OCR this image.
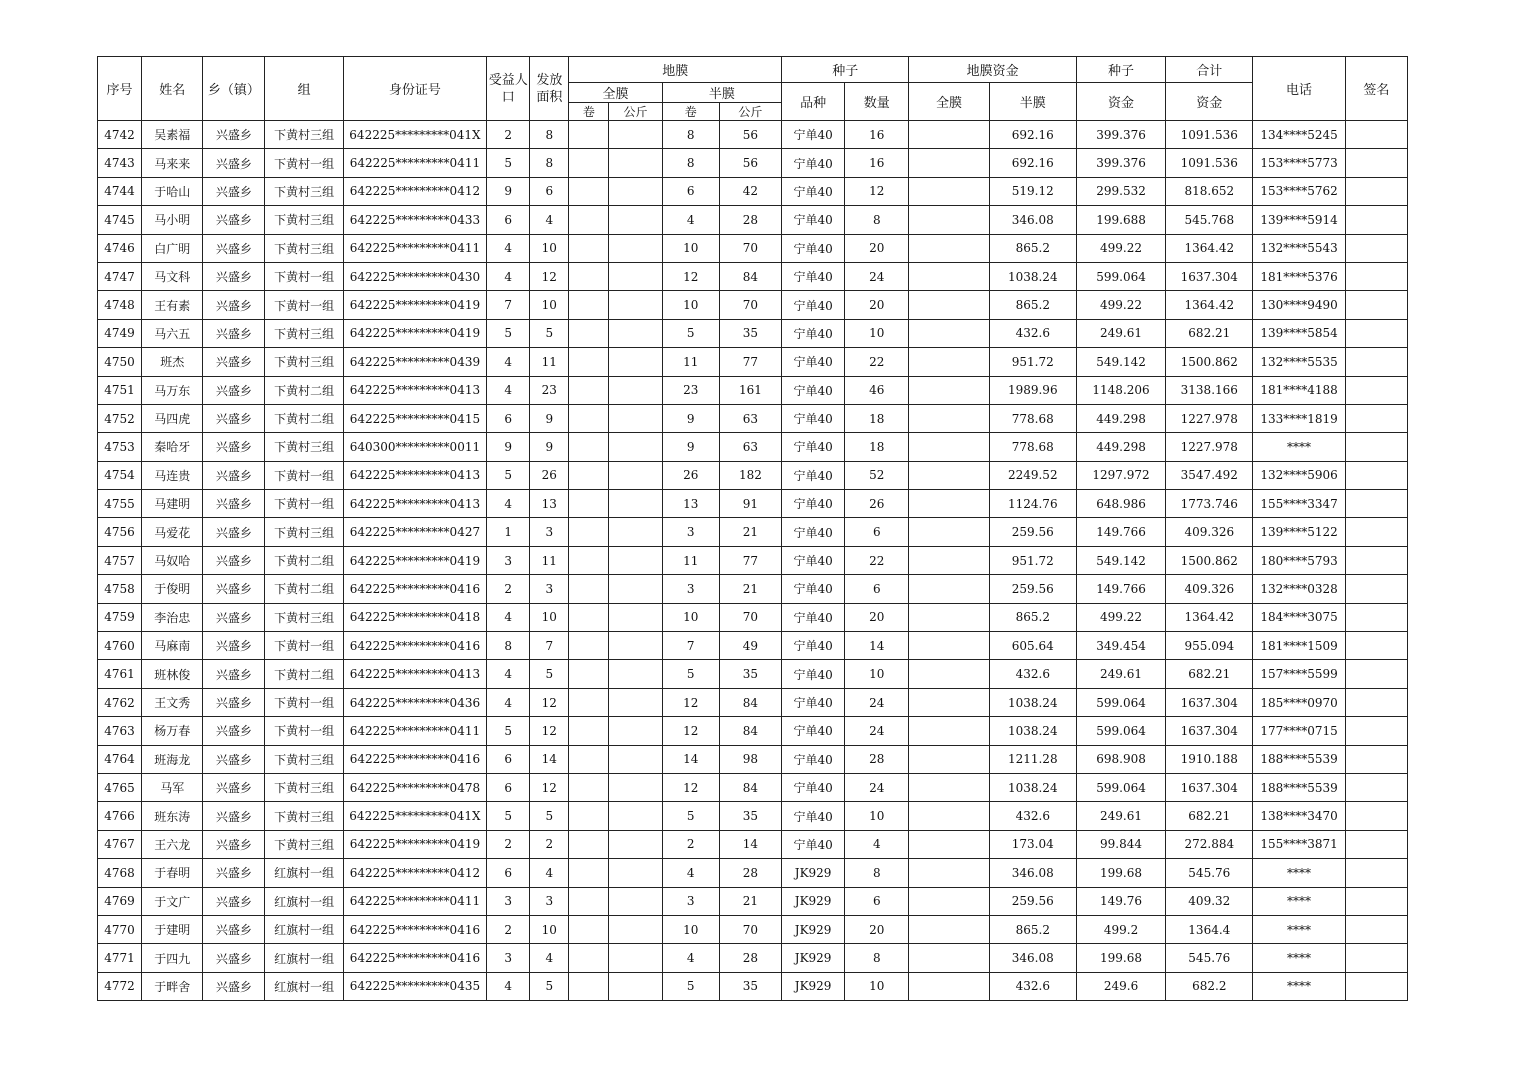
序号	姓名	乡（镇）	组	身份证号	受益人口	发放面积	地膜				种子		地膜资金		种子	合计	电话	签名
							全膜		半膜		品种	数量	全膜	半膜	资金	资金		
							卷	公斤	卷	公斤								
4742	吴素福	兴盛乡	下黄村三组	642225*********041X	2	8			8	56	宁单40	16		692.16	399.376	1091.536	134****5245	
4743	马来来	兴盛乡	下黄村一组	642225*********0411	5	8			8	56	宁单40	16		692.16	399.376	1091.536	153****5773	
4744	于哈山	兴盛乡	下黄村三组	642225*********0412	9	6			6	42	宁单40	12		519.12	299.532	818.652	153****5762	
4745	马小明	兴盛乡	下黄村三组	642225*********0433	6	4			4	28	宁单40	8		346.08	199.688	545.768	139****5914	
4746	白广明	兴盛乡	下黄村三组	642225*********0411	4	10			10	70	宁单40	20		865.2	499.22	1364.42	132****5543	
4747	马文科	兴盛乡	下黄村一组	642225*********0430	4	12			12	84	宁单40	24		1038.24	599.064	1637.304	181****5376	
4748	王有素	兴盛乡	下黄村一组	642225*********0419	7	10			10	70	宁单40	20		865.2	499.22	1364.42	130****9490	
4749	马六五	兴盛乡	下黄村三组	642225*********0419	5	5			5	35	宁单40	10		432.6	249.61	682.21	139****5854	
4750	班杰	兴盛乡	下黄村三组	642225*********0439	4	11			11	77	宁单40	22		951.72	549.142	1500.862	132****5535	
4751	马万东	兴盛乡	下黄村二组	642225*********0413	4	23			23	161	宁单40	46		1989.96	1148.206	3138.166	181****4188	
4752	马四虎	兴盛乡	下黄村二组	642225*********0415	6	9			9	63	宁单40	18		778.68	449.298	1227.978	133****1819	
4753	秦哈牙	兴盛乡	下黄村三组	640300*********0011	9	9			9	63	宁单40	18		778.68	449.298	1227.978	****	
4754	马连贵	兴盛乡	下黄村一组	642225*********0413	5	26			26	182	宁单40	52		2249.52	1297.972	3547.492	132****5906	
4755	马建明	兴盛乡	下黄村一组	642225*********0413	4	13			13	91	宁单40	26		1124.76	648.986	1773.746	155****3347	
4756	马爱花	兴盛乡	下黄村三组	642225*********0427	1	3			3	21	宁单40	6		259.56	149.766	409.326	139****5122	
4757	马奴哈	兴盛乡	下黄村二组	642225*********0419	3	11			11	77	宁单40	22		951.72	549.142	1500.862	180****5793	
4758	于俊明	兴盛乡	下黄村二组	642225*********0416	2	3			3	21	宁单40	6		259.56	149.766	409.326	132****0328	
4759	李治忠	兴盛乡	下黄村三组	642225*********0418	4	10			10	70	宁单40	20		865.2	499.22	1364.42	184****3075	
4760	马麻南	兴盛乡	下黄村一组	642225*********0416	8	7			7	49	宁单40	14		605.64	349.454	955.094	181****1509	
4761	班林俊	兴盛乡	下黄村二组	642225*********0413	4	5			5	35	宁单40	10		432.6	249.61	682.21	157****5599	
4762	王文秀	兴盛乡	下黄村一组	642225*********0436	4	12			12	84	宁单40	24		1038.24	599.064	1637.304	185****0970	
4763	杨万春	兴盛乡	下黄村一组	642225*********0411	5	12			12	84	宁单40	24		1038.24	599.064	1637.304	177****0715	
4764	班海龙	兴盛乡	下黄村三组	642225*********0416	6	14			14	98	宁单40	28		1211.28	698.908	1910.188	188****5539	
4765	马军	兴盛乡	下黄村三组	642225*********0478	6	12			12	84	宁单40	24		1038.24	599.064	1637.304	188****5539	
4766	班东涛	兴盛乡	下黄村三组	642225*********041X	5	5			5	35	宁单40	10		432.6	249.61	682.21	138****3470	
4767	王六龙	兴盛乡	下黄村三组	642225*********0419	2	2			2	14	宁单40	4		173.04	99.844	272.884	155****3871	
4768	于春明	兴盛乡	红旗村一组	642225*********0412	6	4			4	28	JK929	8		346.08	199.68	545.76	****	
4769	于文广	兴盛乡	红旗村一组	642225*********0411	3	3			3	21	JK929	6		259.56	149.76	409.32	****	
4770	于建明	兴盛乡	红旗村一组	642225*********0416	2	10			10	70	JK929	20		865.2	499.2	1364.4	****	
4771	于四九	兴盛乡	红旗村一组	642225*********0416	3	4			4	28	JK929	8		346.08	199.68	545.76	****	
4772	于畔舍	兴盛乡	红旗村一组	642225*********0435	4	5			5	35	JK929	10		432.6	249.6	682.2	****	
